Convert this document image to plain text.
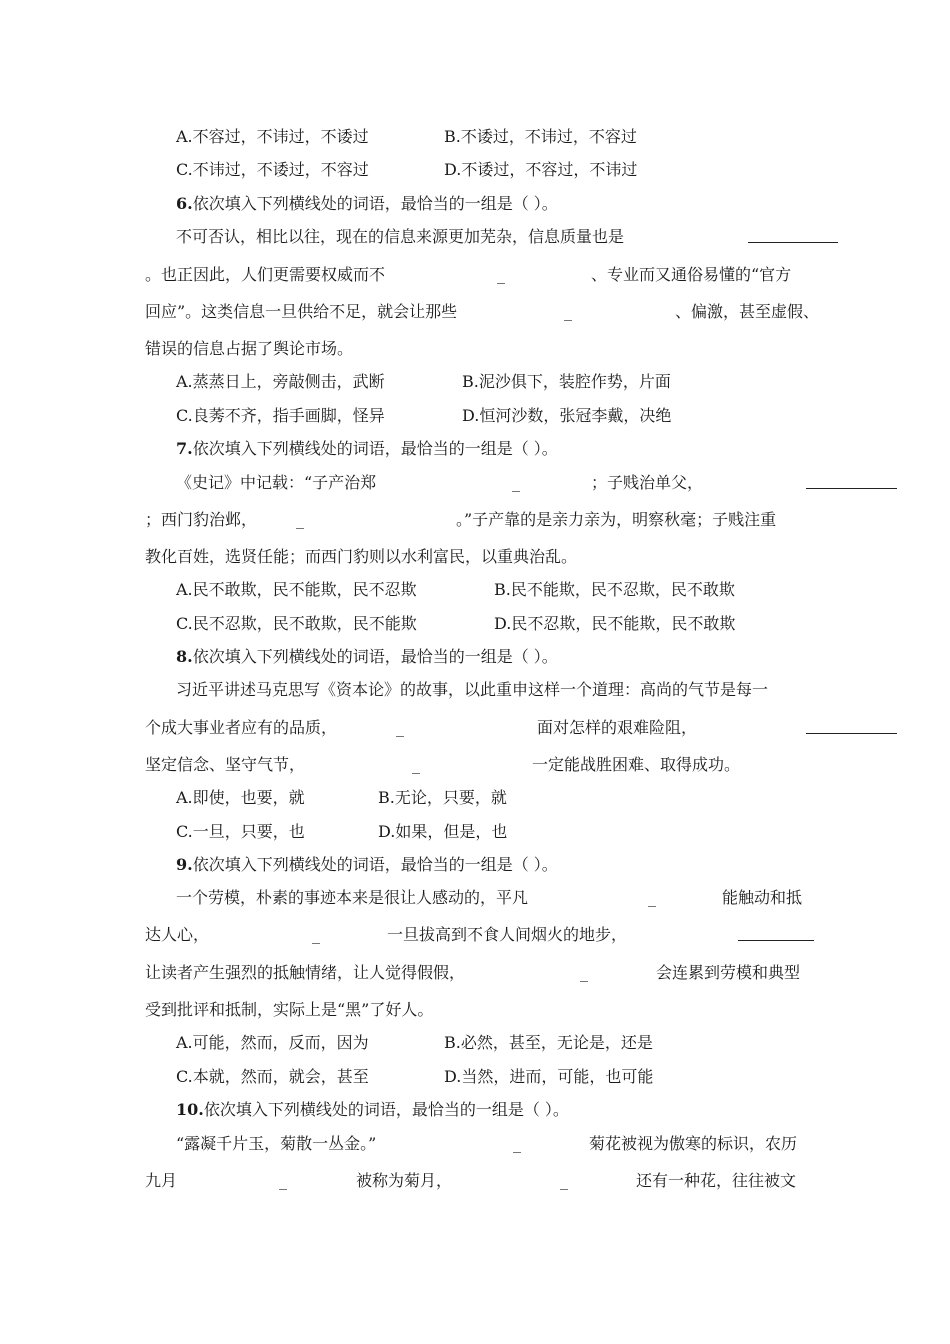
A.不容过，不讳过，不诿过	B.不诿过，不讳过，不容过
C.不讳过，不诿过，不容过	D.不诿过，不容过，不讳过
6.依次填入下列横线处的词语，最恰当的一组是（ ）。
不可否认，相比以往，现在的信息来源更加芜杂，信息质量也是
。也正因此，人们更需要权威而不	_	、专业而又通俗易懂的“官方
回应”。这类信息一旦供给不足，就会让那些	_	、偏激，甚至虚假、
错误的信息占据了舆论市场。
A.蒸蒸日上，旁敲侧击，武断	B.泥沙俱下，装腔作势，片面
C.良莠不齐，指手画脚，怪异	D.恒河沙数，张冠李戴，决绝
7.依次填入下列横线处的词语，最恰当的一组是（ ）。
《史记》中记载：“子产治郑	_	；子贱治单父，
；西门豹治邺， _	。”子产靠的是亲力亲为，明察秋毫；子贱注重
教化百姓，选贤任能；而西门豹则以水利富民，以重典治乱。
A.民不敢欺，民不能欺，民不忍欺	B.民不能欺，民不忍欺，民不敢欺
C.民不忍欺，民不敢欺，民不能欺	D.民不忍欺，民不能欺，民不敢欺
8.依次填入下列横线处的词语，最恰当的一组是（ ）。
习近平讲述马克思写《资本论》的故事，以此重申这样一个道理：高尚的气节是每一
个成大事业者应有的品质，	_	面对怎样的艰难险阻，
坚定信念、坚守气节，	_	一定能战胜困难、取得成功。
A.即使，也要，就	B.无论，只要，就
C.一旦，只要，也	D.如果，但是，也
9.依次填入下列横线处的词语，最恰当的一组是（ ）。
一个劳模，朴素的事迹本来是很让人感动的，平凡	_	能触动和抵
达人心，	_	一旦拔高到不食人间烟火的地步，
让读者产生强烈的抵触情绪，让人觉得假假，	_	会连累到劳模和典型
受到批评和抵制，实际上是“黑”了好人。
A.可能，然而，反而，因为	B.必然，甚至，无论是，还是
C.本就，然而，就会，甚至	D.当然，进而，可能，也可能
10.依次填入下列横线处的词语，最恰当的一组是（ ）。
“露凝千片玉，菊散一丛金。”	_	菊花被视为傲寒的标识，农历
九月	_	被称为菊月，	_	还有一种花，往往被文
